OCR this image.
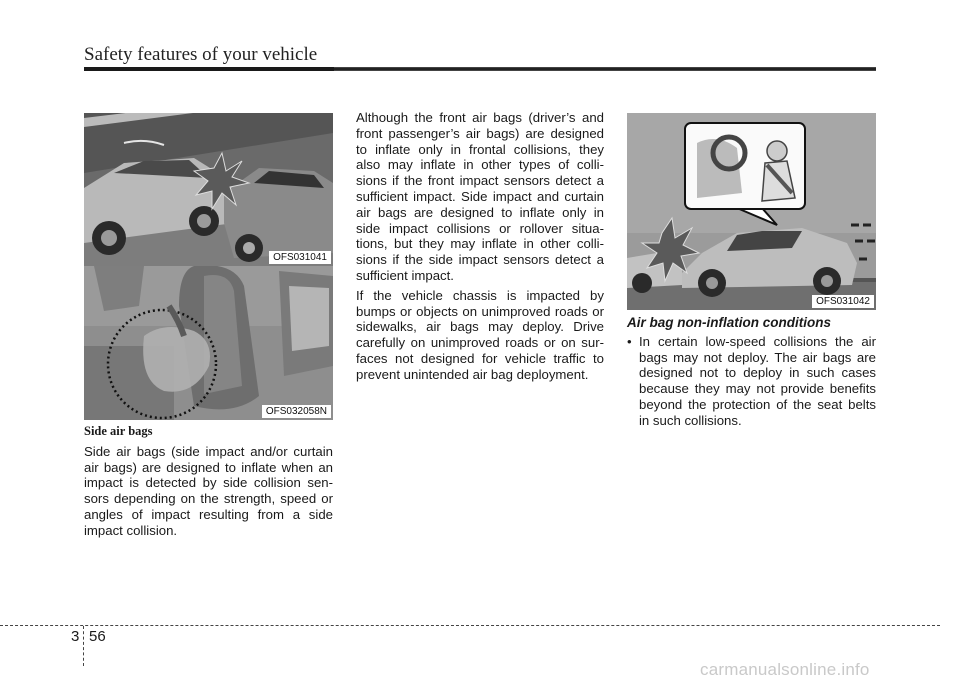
Safety features of your vehicle
OFS031041
OFS032058N
OFS031042
Side air bags

Side air bags (side impact and/or curtain air bags) are designed to inflate when an impact is detected by side collision sen-sors depending on the strength, speed or angles of impact resulting from a side impact collision.

Although the front air bags (driver’s and front passenger’s air bags) are designed to inflate only in frontal collisions, they also may inflate in other types of colli-sions if the front impact sensors detect a sufficient impact. Side impact and curtain air bags are designed to inflate only in side impact collisions or rollover situa-tions, but they may inflate in other colli-sions if the side impact sensors detect a sufficient impact.

If the vehicle chassis is impacted by bumps or objects on unimproved roads or sidewalks, air bags may deploy. Drive carefully on unimproved roads or on sur-faces not designed for vehicle traffic to prevent unintended air bag deployment.

Air bag non-inflation conditions
• In certain low-speed collisions the air bags may not deploy. The air bags are designed not to deploy in such cases because they may not provide benefits beyond the protection of the seat belts in such collisions.
3 56
carmanualsonline.info
